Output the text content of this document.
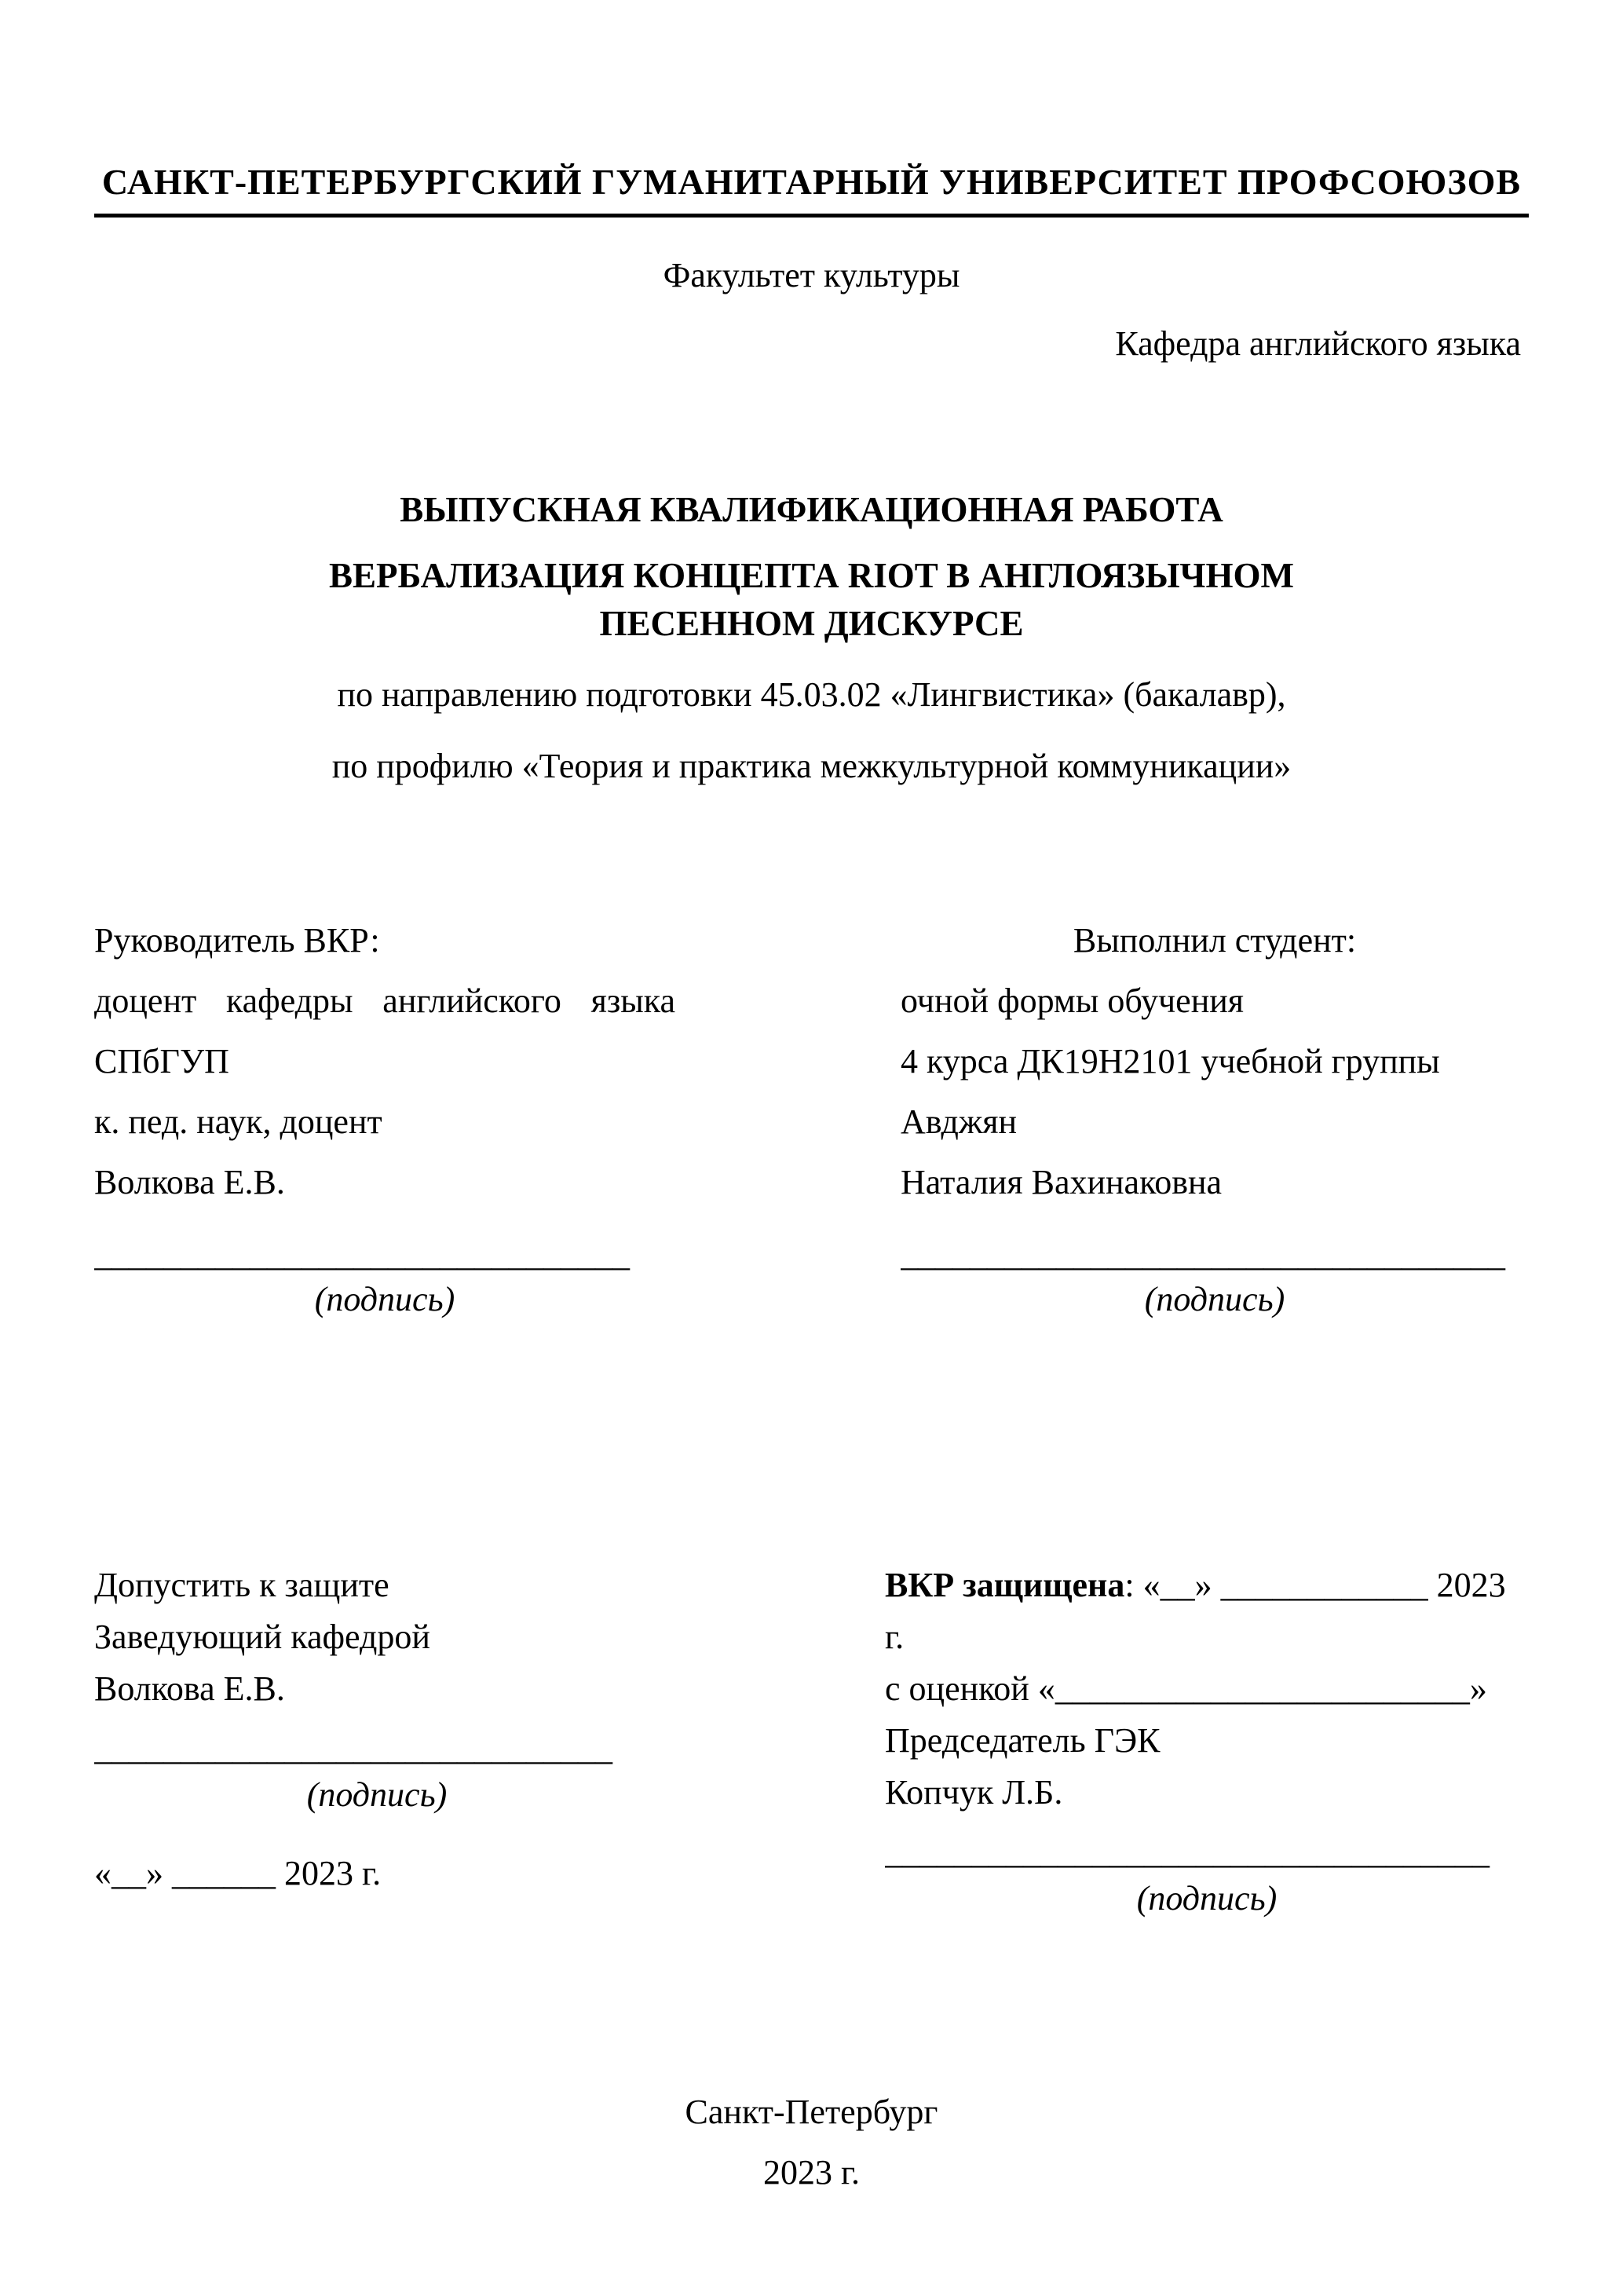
САНКТ-ПЕТЕРБУРГСКИЙ ГУМАНИТАРНЫЙ УНИВЕРСИТЕТ ПРОФСОЮЗОВ
Факультет культуры
Кафедра английского языка
ВЫПУСКНАЯ КВАЛИФИКАЦИОННАЯ РАБОТА
ВЕРБАЛИЗАЦИЯ КОНЦЕПТА RIOT В АНГЛОЯЗЫЧНОМ ПЕСЕННОМ ДИСКУРСЕ
по направлению подготовки 45.03.02 «Лингвистика» (бакалавр),
по профилю «Теория и практика межкультурной коммуникации»
Руководитель ВКР:
доцент кафедры английского языка СПбГУП
к. пед. наук, доцент
Волкова Е.В.
_______________________________
(подпись)
Выполнил студент:
очной формы обучения
4 курса ДК19Н2101 учебной группы
Авджян
Наталия Вахинаковна
___________________________________
(подпись)
Допустить к защите
Заведующий кафедрой
Волкова Е.В.
______________________________
(подпись)
«__» ______ 2023 г.
ВКР защищена: «__» ____________ 2023 г.
с оценкой «________________________»
Председатель ГЭК
Копчук Л.Б.
___________________________________
(подпись)
Санкт-Петербург
2023 г.
